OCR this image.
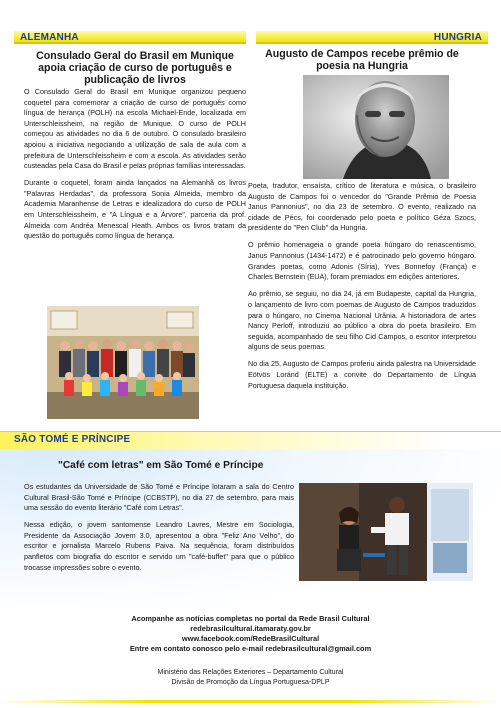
ALEMANHA	HUNGRIA
Consulado Geral do Brasil em Munique
apoia criação de curso de português e
publicação de livros

O Consulado Geral do Brasil em Munique organizou pequeno coquetel para comemorar a criação de curso de português como língua de herança (POLH) na escola Michael-Ende, localizada em Unterschleissheim, na região de Munique. O curso de POLH começou as atividades no dia 6 de outubro. O consulado brasileiro apoiou a iniciativa negociando a utilização de sala de aula com a prefeitura de Unterschleissheim e com a escola. As atividades serão custeadas pela Casa do Brasil e pelas próprias famílias interessadas.

Durante o coquetel, foram ainda lançados na Alemanhã os livros "Palavras Herdadas", da professora Sonia Almeida, membro da Academia Maranhense de Letras e idealizadora do curso de POLH em Unterschleissheim, e "A Língua e a Árvore", parceria da prof. Almeida com Andréa Menescal Heath. Ambos os livros tratam da questão do português como língua de herança.

Augusto de Campos recebe prêmio de
poesia na Hungria

Poeta, tradutor, ensaísta, crítico de literatura e música, o brasileiro Augusto de Campos foi o vencedor do "Grande Prêmio de Poesia Janus Pannonius", no dia 23 de setembro. O evento, realizado na cidade de Pécs, foi coordenado pelo poeta e político Géza Szocs, presidente do "Pen Club" da Hungria.

O prêmio homenageia o grande poeta húngaro do renascentismo, Janus Pannonius (1434-1472) e é patrocinado pelo governo húngaro. Grandes poetas, como Adonis (Síria), Yves Bonnefoy (França) e Charles Bernstein (EUA), foram premiados em edições anteriores.

Ao prêmio, se seguiu, no dia 24, já em Budapeste, capital da Hungria, o lançamento de livro com poemas de Augusto de Campos traduzidos para o húngaro, no Cinema Nacional Urânia. A historiadora de artes Nancy Perloff, introduziu ao público a obra do poeta brasileiro. Em seguida, acompanhado de seu filho Cid Campos, o escritor interpretou alguns de seus poemas.

No dia 25, Augusto de Campos proferiu ainda palestra na Universidade Eötvös Loránd (ELTE) a convite do Departamento de Língua Portuguesa daquela instituição.

SÃO TOMÉ E PRÍNCIPE
"Café com letras" em São Tomé e Príncipe

Os estudantes da Universidade de São Tomé e Príncipe lotaram a sala do Centro Cultural Brasil-São Tomé e Príncipe (CCBSTP), no dia 27 de setembro, para mais uma sessão do evento literário "Café com Letras".

Nessa edição, o jovem santomense Leandro Lavres, Mestre em Sociologia, Presidente da Associação Jovem 3.0, apresentou a obra "Feliz Ano Velho", do escritor e jornalista Marcelo Rubens Paiva. Na sequência, foram distribuídos panfletos com biografia do escritor e servido um "café-buffet" para que o público trocasse impressões sobre o evento.

Acompanhe as notícias completas no portal da Rede Brasil Cultural
redebrasilcultural.itamaraty.gov.br
www.facebook.com/RedeBrasilCultural
Entre em contato conosco pelo e-mail redebrasilcultural@gmail.com
Ministério das Relações Exteriores – Departamento Cultural
Divisão de Promoção da Língua Portuguesa-DPLP
